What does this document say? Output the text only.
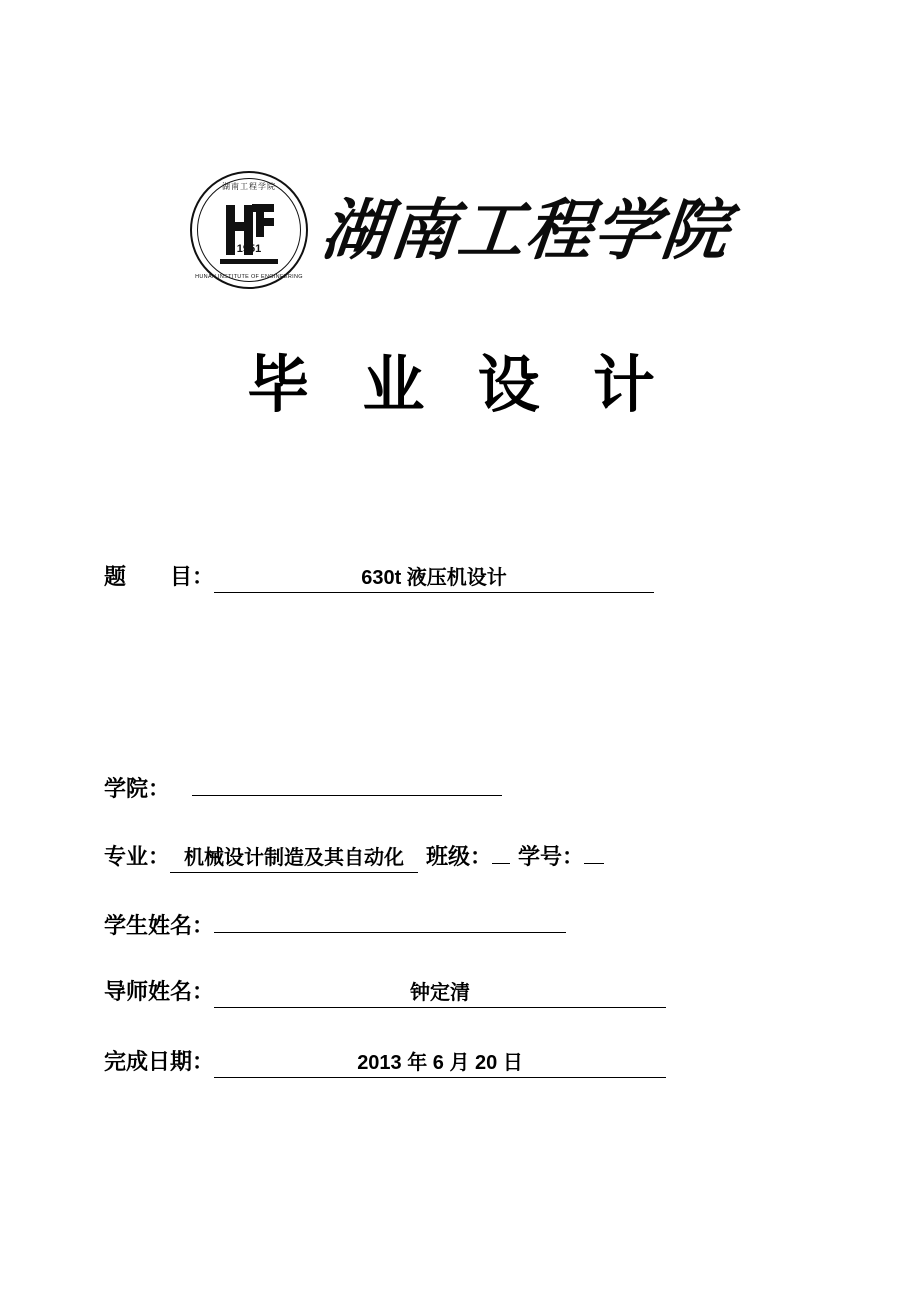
湖南工程学院
1951
HUNAN INSTITUTE OF ENGINEERING
湖南工程学院
毕 业 设 计
题　　目：	630t 液压机设计
学院：
专业： 机械设计制造及其自动化	班级： 学号：
学生姓名：
导师姓名：	钟定清
完成日期：	2013 年 6 月 20 日
